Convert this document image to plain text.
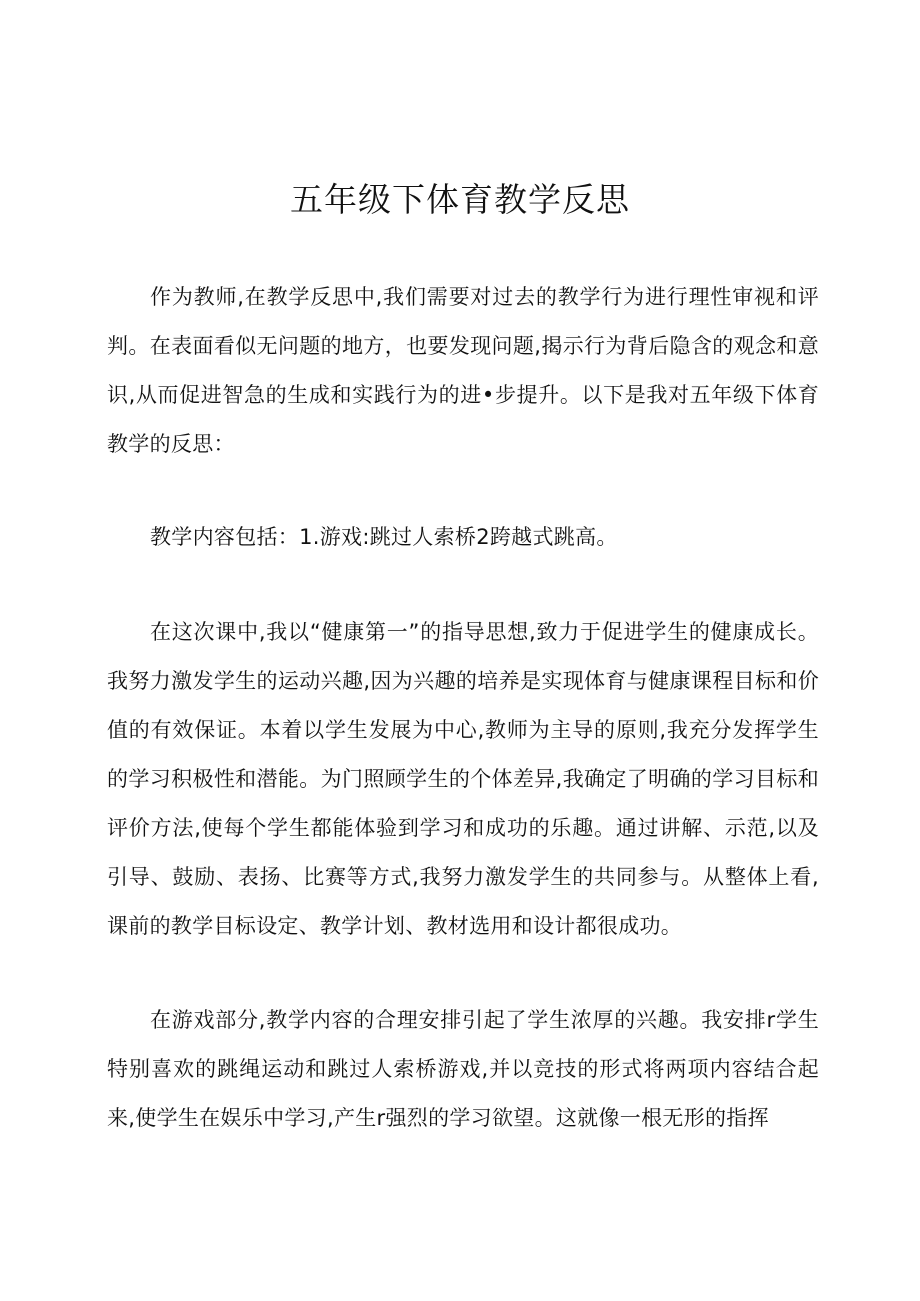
五年级下体育教学反思

作为教师,在教学反思中,我们需要对过去的教学行为进行理性审视和评判。在表面看似无问题的地方，也要发现问题,揭示行为背后隐含的观念和意识,从而促进智急的生成和实践行为的进•步提升。以下是我对五年级下体育教学的反思：

教学内容包括：1.游戏:跳过人索桥2跨越式跳高。

在这次课中,我以“健康第一”的指导思想,致力于促进学生的健康成长。我努力激发学生的运动兴趣,因为兴趣的培养是实现体育与健康课程目标和价值的有效保证。本着以学生发展为中心,教师为主导的原则,我充分发挥学生的学习积极性和潜能。为门照顾学生的个体差异,我确定了明确的学习目标和评价方法,使每个学生都能体验到学习和成功的乐趣。通过讲解、示范,以及引导、鼓励、表扬、比赛等方式,我努力激发学生的共同参与。从整体上看,课前的教学目标设定、教学计划、教材选用和设计都很成功。

在游戏部分,教学内容的合理安排引起了学生浓厚的兴趣。我安排r学生特别喜欢的跳绳运动和跳过人索桥游戏,并以竞技的形式将两项内容结合起来,使学生在娱乐中学习,产生r强烈的学习欲望。这就像一根无形的指挥
